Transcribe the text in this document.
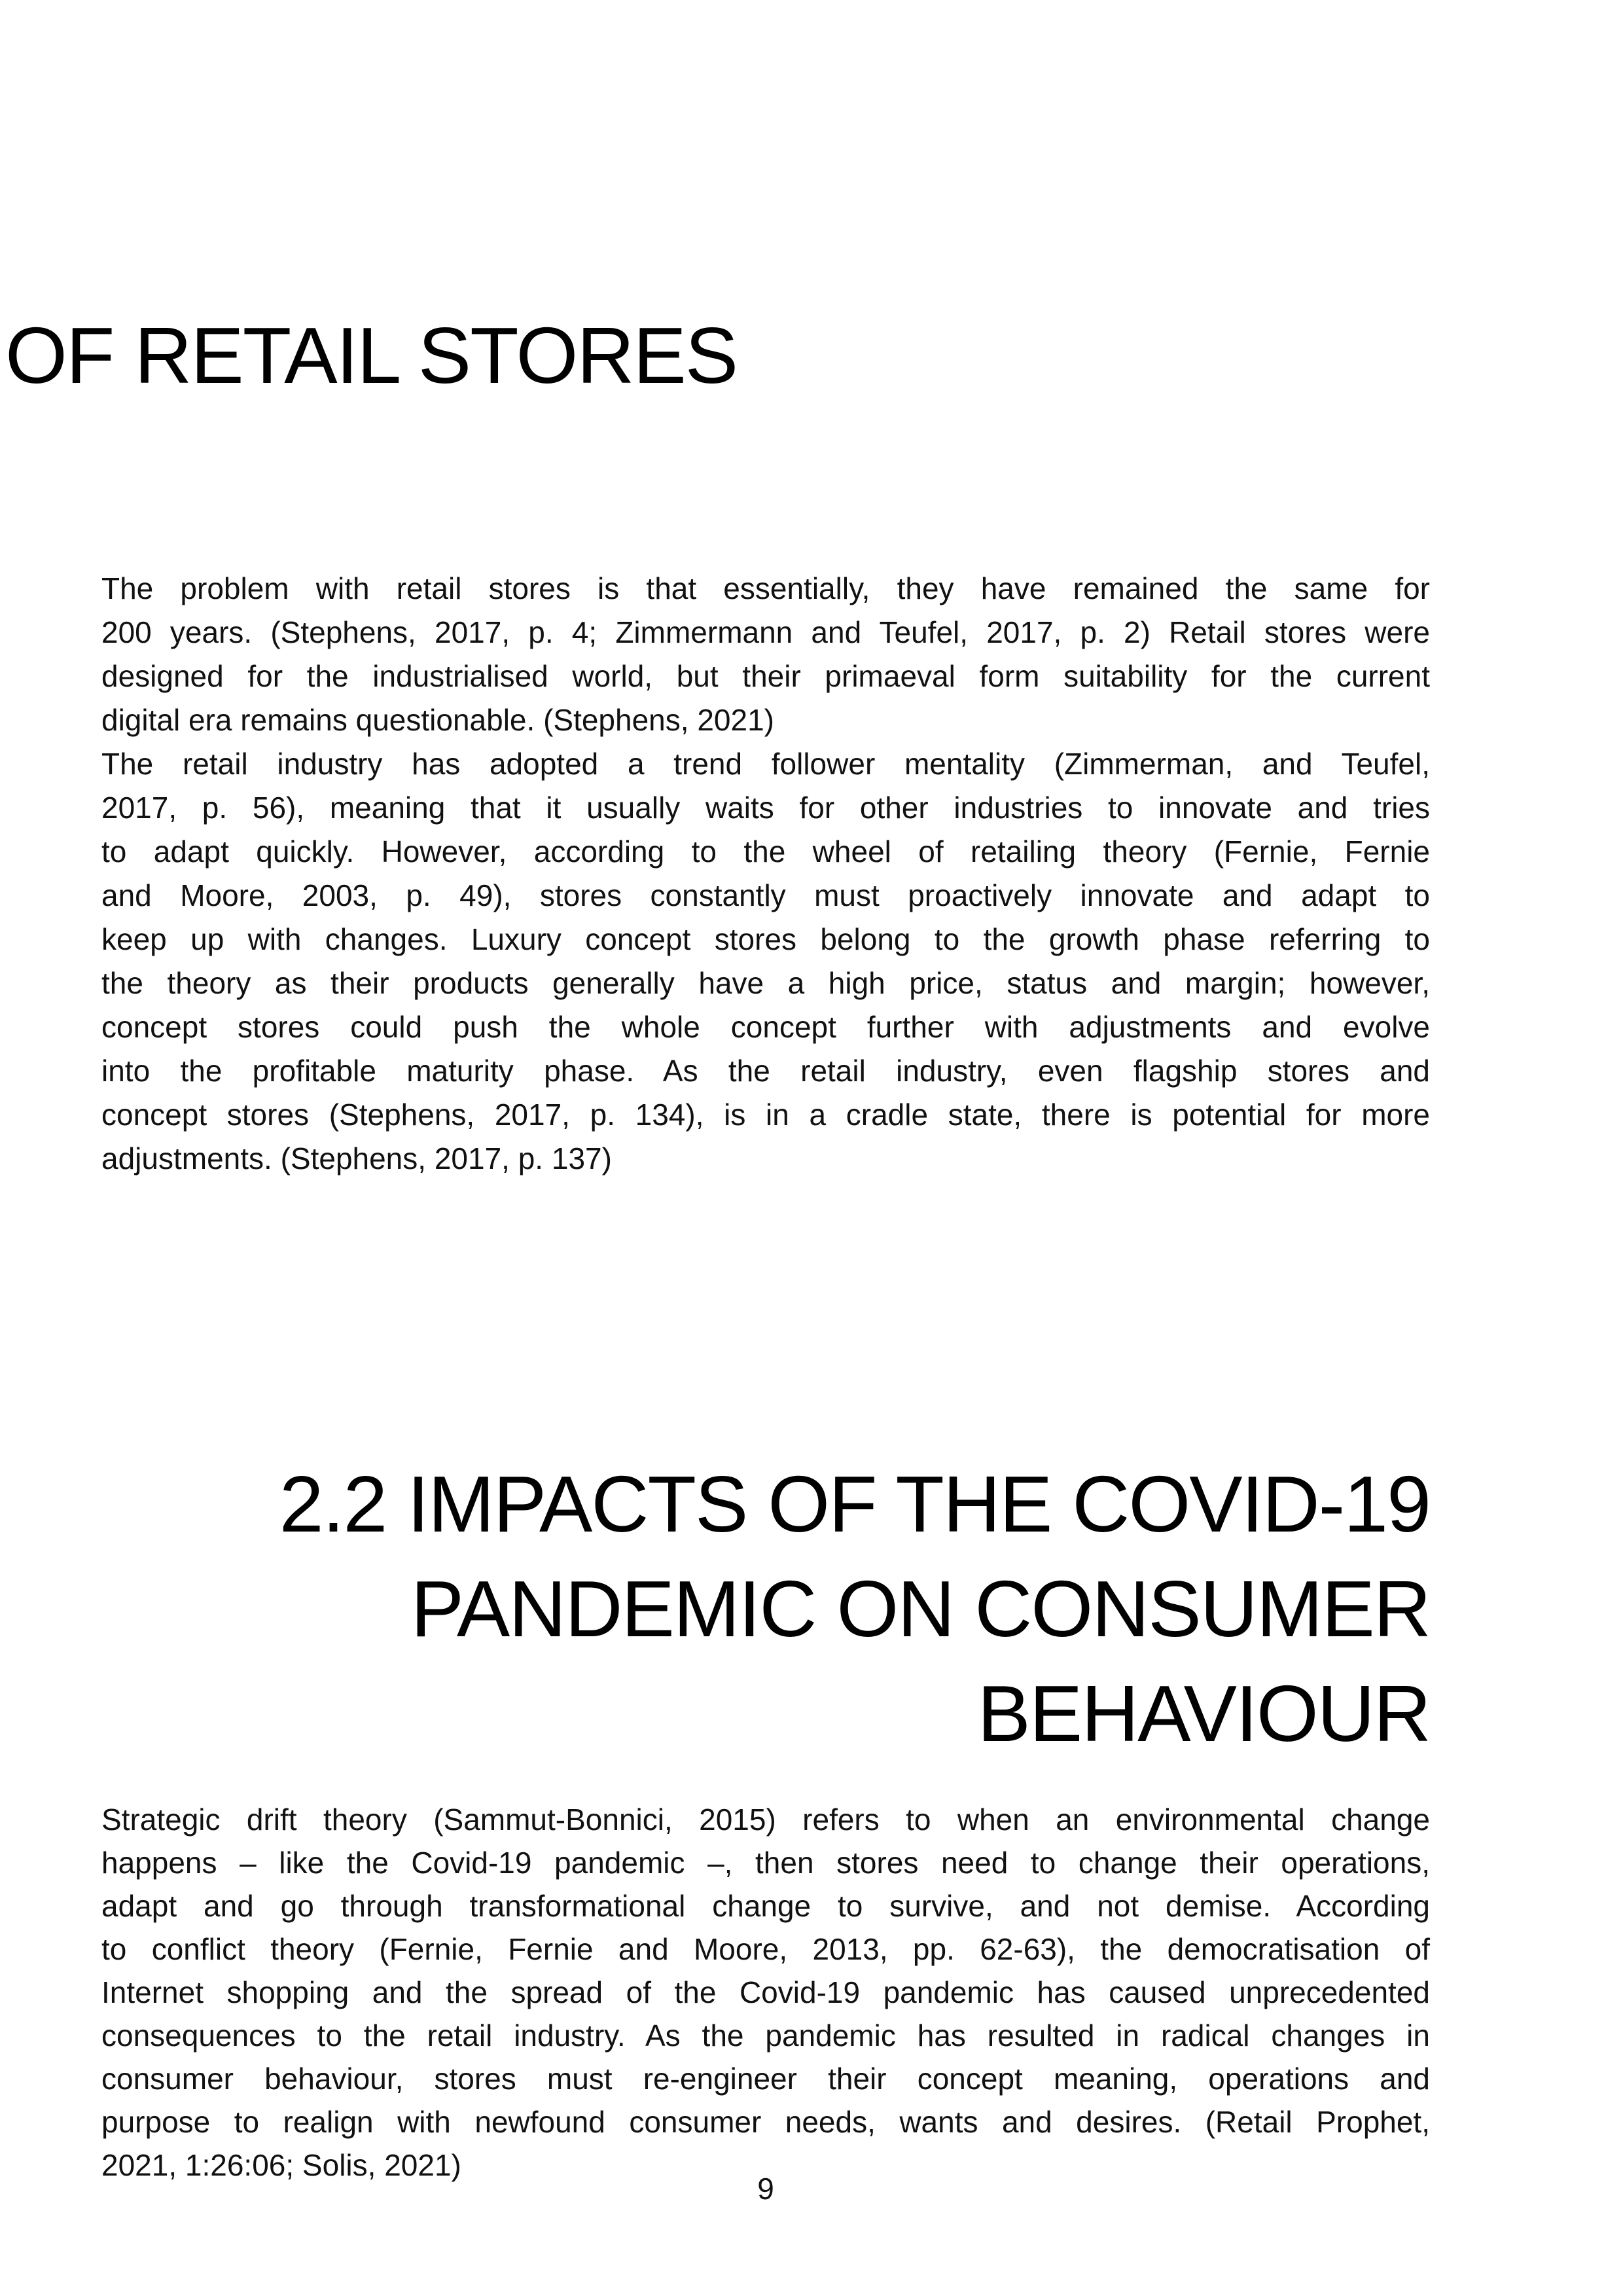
OF RETAIL STORES
The problem with retail stores is that essentially, they have remained the same for
200 years. (Stephens, 2017, p. 4; Zimmermann and Teufel, 2017, p. 2) Retail stores were
designed for the industrialised world, but their primaeval form suitability for the current
digital era remains questionable. (Stephens, 2021)
The retail industry has adopted a trend follower mentality (Zimmerman, and Teufel,
2017, p. 56), meaning that it usually waits for other industries to innovate and tries
to adapt quickly. However, according to the wheel of retailing theory (Fernie, Fernie
and Moore, 2003, p. 49), stores constantly must proactively innovate and adapt to
keep up with changes. Luxury concept stores belong to the growth phase referring to
the theory as their products generally have a high price, status and margin; however,
concept stores could push the whole concept further with adjustments and evolve
into the profitable maturity phase. As the retail industry, even flagship stores and
concept stores (Stephens, 2017, p. 134), is in a cradle state, there is potential for more
adjustments. (Stephens, 2017, p. 137)
2.2 IMPACTS OF THE COVID-19
PANDEMIC ON CONSUMER
BEHAVIOUR
Strategic drift theory (Sammut-Bonnici, 2015) refers to when an environmental change
happens – like the Covid-19 pandemic –, then stores need to change their operations,
adapt and go through transformational change to survive, and not demise. According
to conflict theory (Fernie, Fernie and Moore, 2013, pp. 62-63), the democratisation of
Internet shopping and the spread of the Covid-19 pandemic has caused unprecedented
consequences to the retail industry. As the pandemic has resulted in radical changes in
consumer behaviour, stores must re-engineer their concept meaning, operations and
purpose to realign with newfound consumer needs, wants and desires. (Retail Prophet,
2021, 1:26:06; Solis, 2021)
9
